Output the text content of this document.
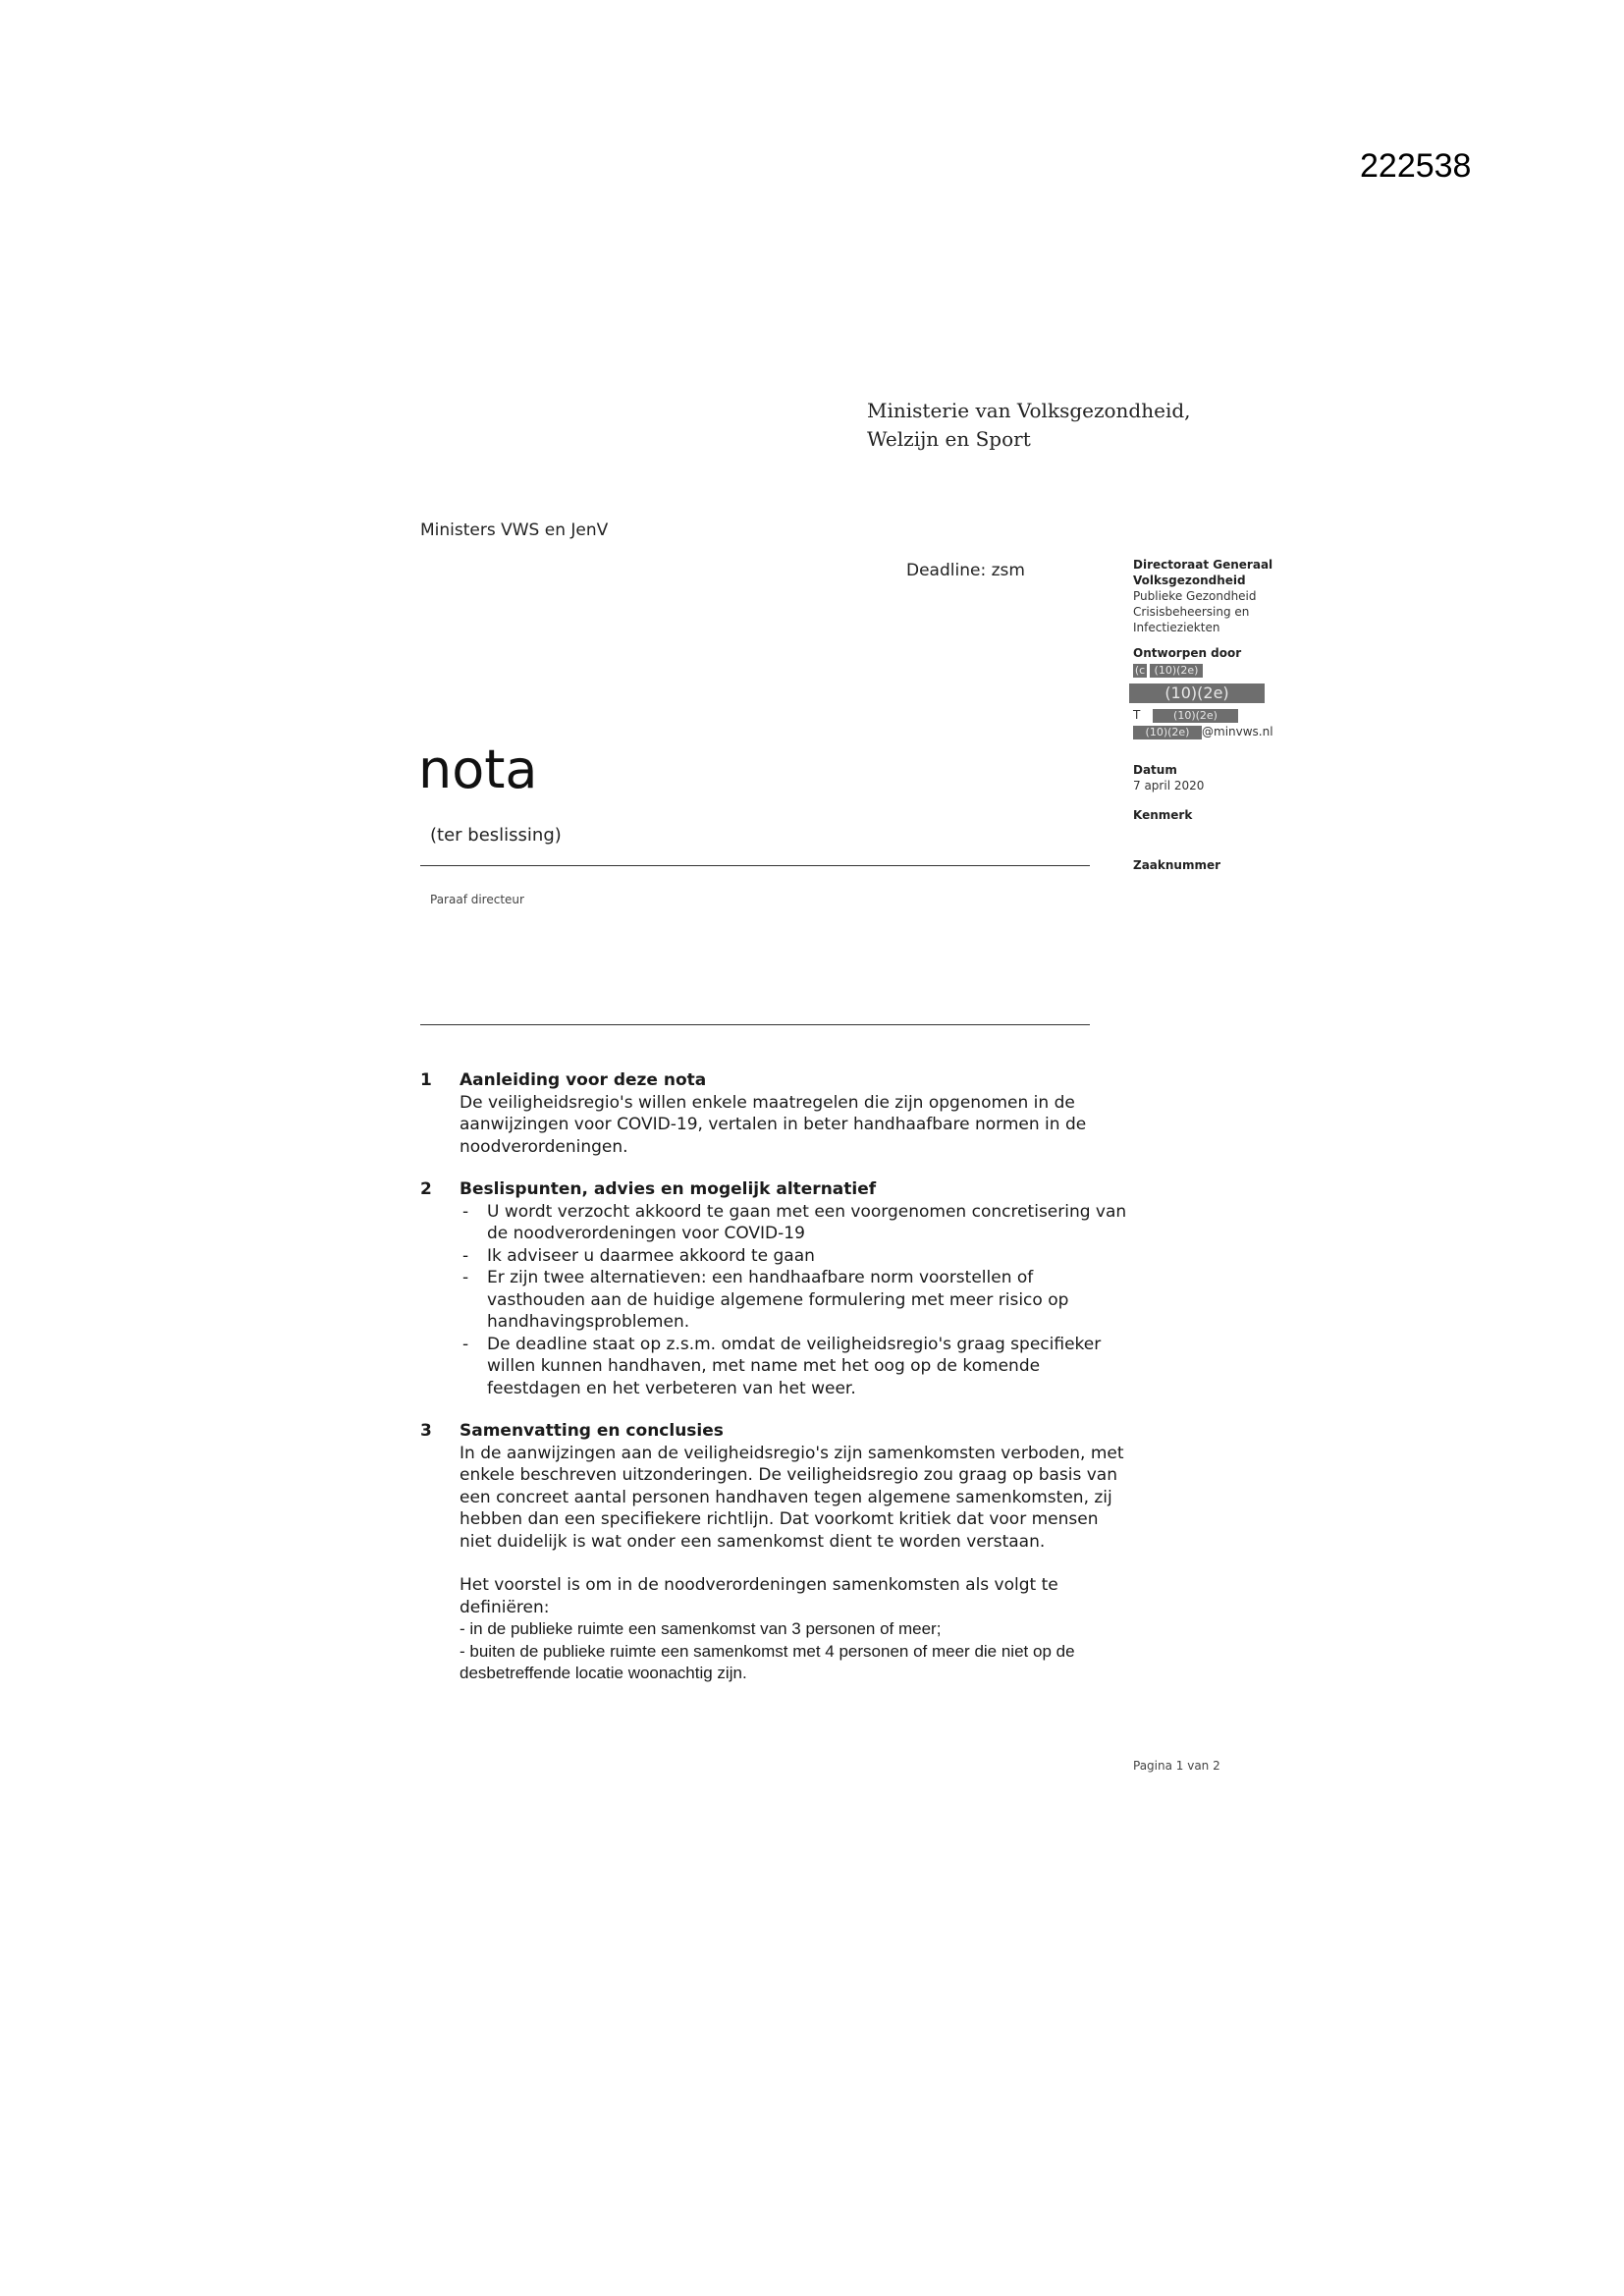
222538
Ministerie van Volksgezondheid,
Welzijn en Sport
Ministers VWS en JenV
Deadline: zsm	Directoraat Generaal
Volksgezondheid
Publieke Gezondheid
Crisisbeheersing en
Infectieziekten
Ontworpen door
(c (10)(2e)
(10)(2e)
T	(10)(2e)
(10)(2e) @minvws.nl
Datum
7 april 2020
Kenmerk
Zaaknummer
nota
(ter beslissing)
Paraaf directeur
1	Aanleiding voor deze nota
De veiligheidsregio's willen enkele maatregelen die zijn opgenomen in de aanwijzingen voor COVID-19, vertalen in beter handhaafbare normen in de noodverordeningen.
2	Beslispunten, advies en mogelijk alternatief
-	U wordt verzocht akkoord te gaan met een voorgenomen concretisering van de noodverordeningen voor COVID-19
-	Ik adviseer u daarmee akkoord te gaan
-	Er zijn twee alternatieven: een handhaafbare norm voorstellen of vasthouden aan de huidige algemene formulering met meer risico op handhavingsproblemen.
-	De deadline staat op z.s.m. omdat de veiligheidsregio's graag specifieker willen kunnen handhaven, met name met het oog op de komende feestdagen en het verbeteren van het weer.
3	Samenvatting en conclusies
In de aanwijzingen aan de veiligheidsregio's zijn samenkomsten verboden, met enkele beschreven uitzonderingen. De veiligheidsregio zou graag op basis van een concreet aantal personen handhaven tegen algemene samenkomsten, zij hebben dan een specifiekere richtlijn. Dat voorkomt kritiek dat voor mensen niet duidelijk is wat onder een samenkomst dient te worden verstaan.
Het voorstel is om in de noodverordeningen samenkomsten als volgt te definiëren:
- in de publieke ruimte een samenkomst van 3 personen of meer;
- buiten de publieke ruimte een samenkomst met 4 personen of meer die niet op de desbetreffende locatie woonachtig zijn.
Pagina 1 van 2
